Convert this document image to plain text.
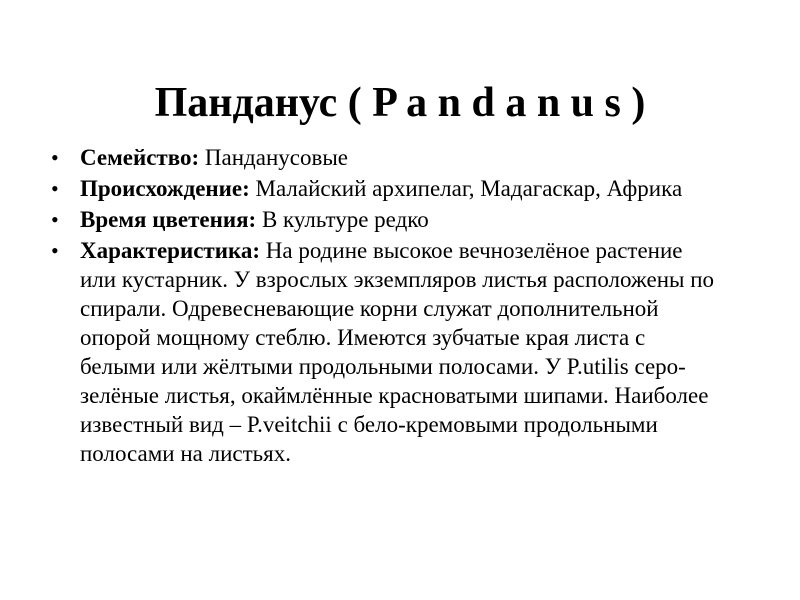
Панданус ( P a n d a n u s )
• Семейство: Панданусовые
• Происхождение: Малайский архипелаг, Мадагаскар, Африка
• Время цветения: В культуре редко
• Характеристика: На родине высокое вечнозелёное растение или кустарник. У взрослых экземпляров листья расположены по спирали. Одревесневающие корни служат дополнительной опорой мощному стеблю. Имеются зубчатые края листа с белыми или жёлтыми продольными полосами. У P.utilis серо-зелёные листья, окаймлённые красноватыми шипами. Наиболее известный вид – P.veitchii с бело-кремовыми продольными полосами на листьях.
